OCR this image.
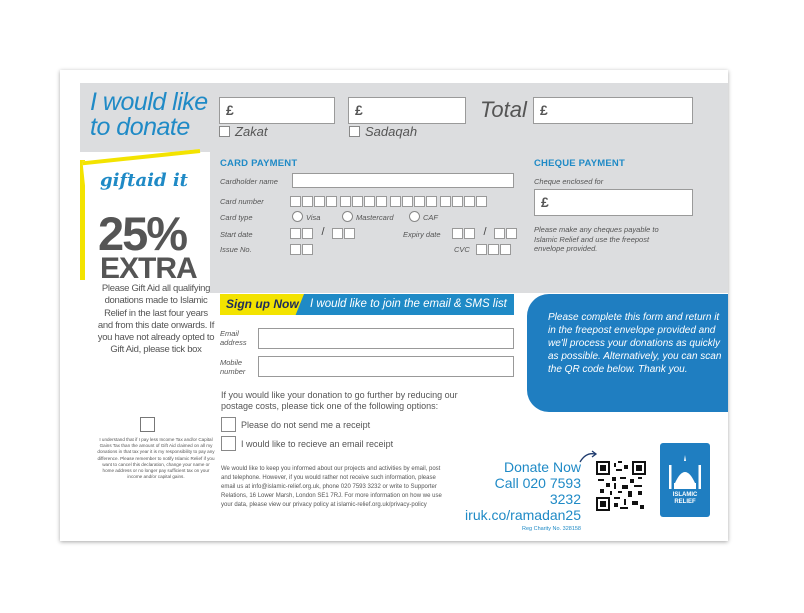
I would like
to donate
£	£	Total £
Zakat	Sadaqah
CARD PAYMENT
Cardholder name
Card number
Card type	Visa	Mastercard	CAF
Start date	/	Expiry date	/
Issue No.	CVC
CHEQUE PAYMENT
Cheque enclosed for
£
Please make any cheques payable to Islamic Relief and use the freepost envelope provided.
giftaid it
25%
EXTRA
Please Gift Aid all qualifying donations made to Islamic Relief in the last four years and from this date onwards. If you have not already opted to Gift Aid, please tick box
I understand that if I pay less Income Tax and/or Capital Gains Tax than the amount of Gift Aid claimed on all my donations in that tax year it is my responsibility to pay any difference. Please remember to notify Islamic Relief if you want to cancel this declaration, change your name or home address or no longer pay sufficient tax on your income and/or capital gains.
Sign up Now I would like to join the email & SMS list
Email
address
Mobile
number
Please complete this form and return it in the freepost envelope provided and we'll process your donations as quickly as possible. Alternatively, you can scan the QR code below. Thank you.
If you would like your donation to go further by reducing our postage costs, please tick one of the following options:
Please do not send me a receipt
I would like to recieve an email receipt
We would like to keep you informed about our projects and activities by email, post and telephone. However, if you would rather not receive such information, please email us at info@islamic-relief.org.uk, phone 020 7593 3232 or write to Supporter Relations, 16 Lower Marsh, London SE1 7RJ. For more information on how we use your data, please view our privacy policy at islamic-relief.org.uk/privacy-policy
Donate Now
Call 020 7593 3232
iruk.co/ramadan25
Reg Charity No. 328158
ISLAMIC
RELIEF
